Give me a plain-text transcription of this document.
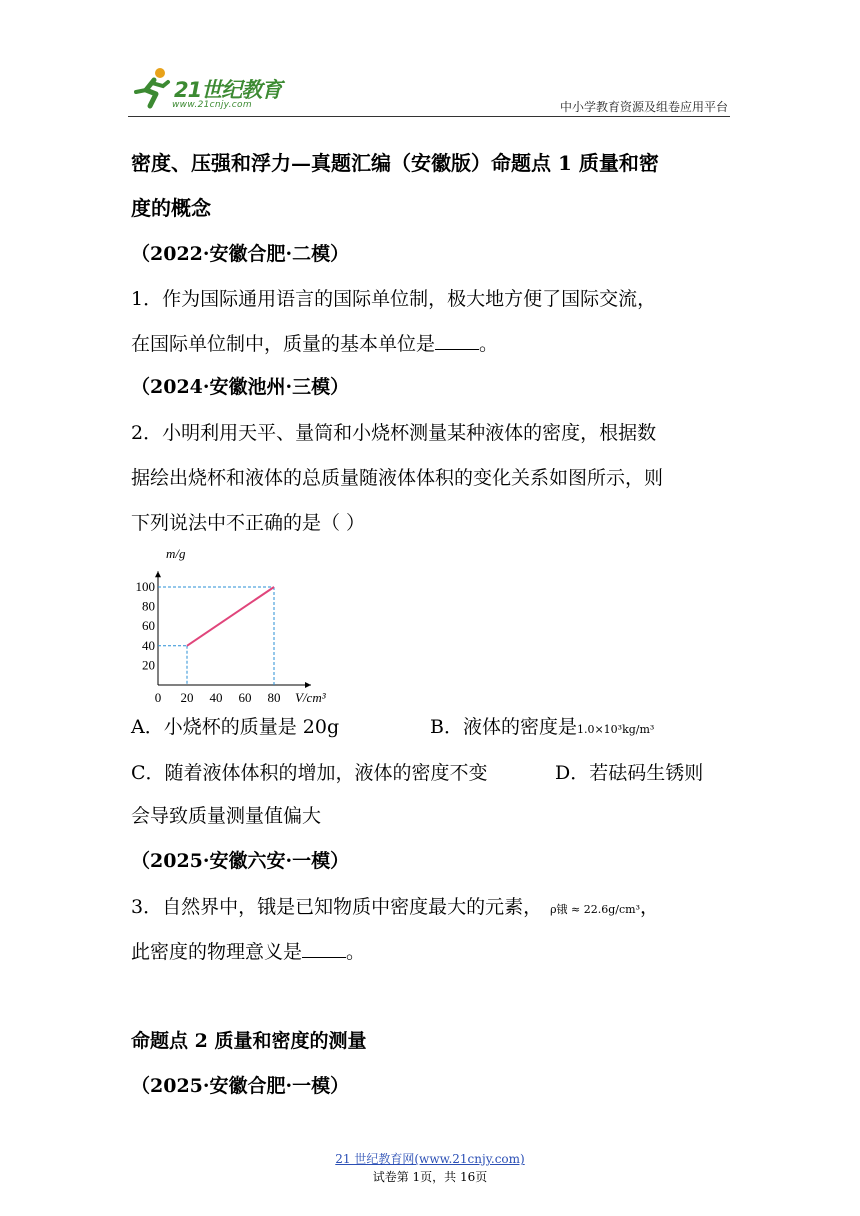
21世纪教育
www.21cnjy.com	中小学教育资源及组卷应用平台
密度、压强和浮力—真题汇编（安徽版）命题点 1 质量和密
度的概念
（2022·安徽合肥·二模）
1．作为国际通用语言的国际单位制，极大地方便了国际交流，
在国际单位制中，质量的基本单位是 。
（2024·安徽池州·三模）
2．小明利用天平、量筒和小烧杯测量某种液体的密度，根据数
据绘出烧杯和液体的总质量随液体体积的变化关系如图所示，则
下列说法中不正确的是（ ）
m/g
V/cm³
0 20 40 60 80
20
40
60
80
100
A．小烧杯的质量是 20g	B．液体的密度是1.0×10³kg/m³
C．随着液体体积的增加，液体的密度不变	D．若砝码生锈则
会导致质量测量值偏大
（2025·安徽六安·一模）
3．自然界中，锇是已知物质中密度最大的元素， ρ锇 ≈ 22.6g/cm³，
此密度的物理意义是 。
命题点 2 质量和密度的测量
（2025·安徽合肥·一模）
21 世纪教育网(www.21cnjy.com)
试卷第 1页，共 16页
